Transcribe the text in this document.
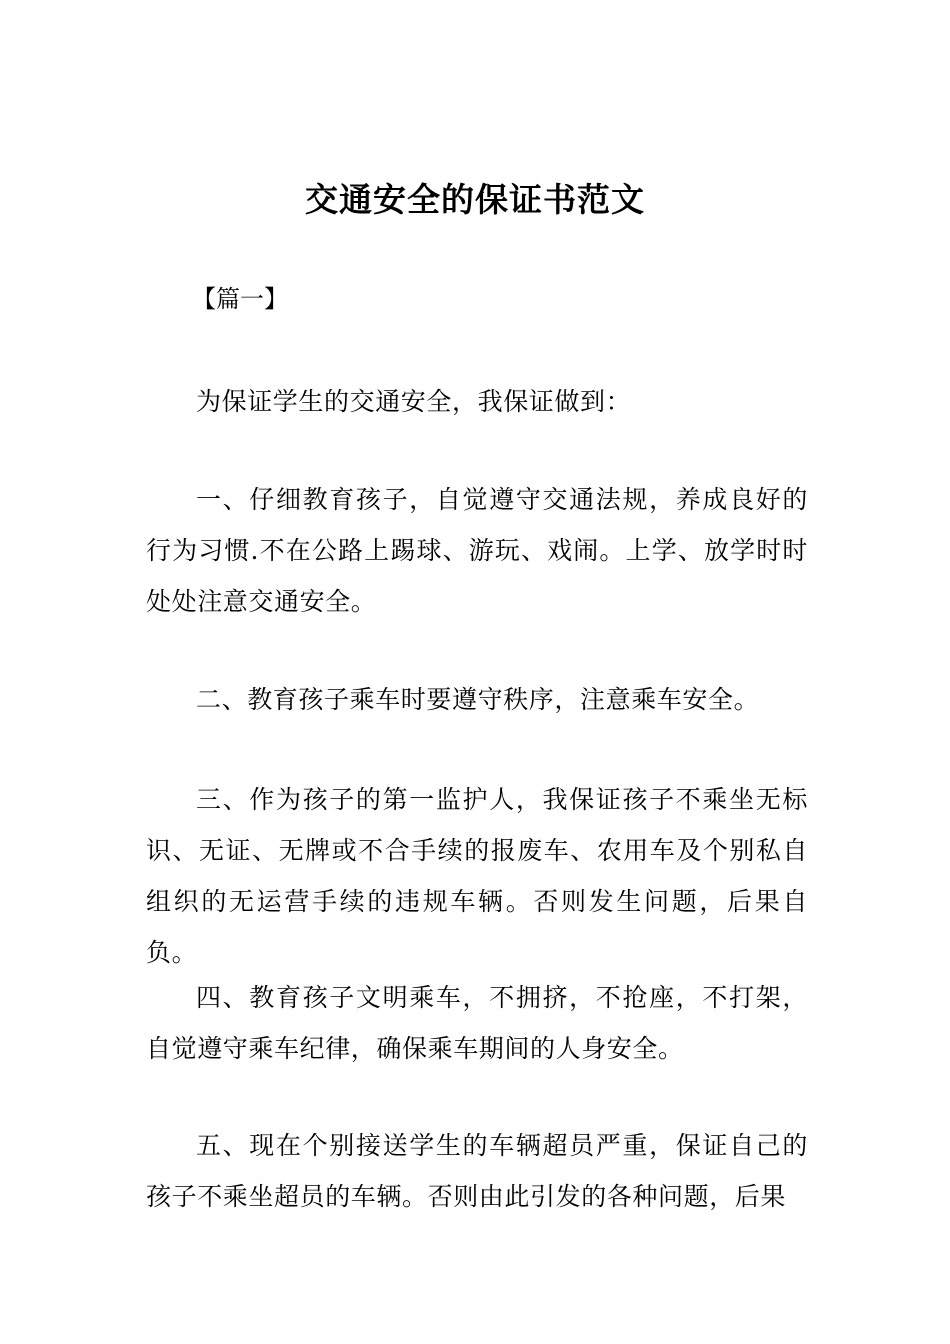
交通安全的保证书范文

【篇一】

为保证学生的交通安全，我保证做到：

一、仔细教育孩子，自觉遵守交通法规，养成良好的行为习惯.不在公路上踢球、游玩、戏闹。上学、放学时时处处注意交通安全。

二、教育孩子乘车时要遵守秩序，注意乘车安全。

三、作为孩子的第一监护人，我保证孩子不乘坐无标识、无证、无牌或不合手续的报废车、农用车及个别私自组织的无运营手续的违规车辆。否则发生问题，后果自负。

四、教育孩子文明乘车，不拥挤，不抢座，不打架，自觉遵守乘车纪律，确保乘车期间的人身安全。

五、现在个别接送学生的车辆超员严重，保证自己的孩子不乘坐超员的车辆。否则由此引发的各种问题，后果
